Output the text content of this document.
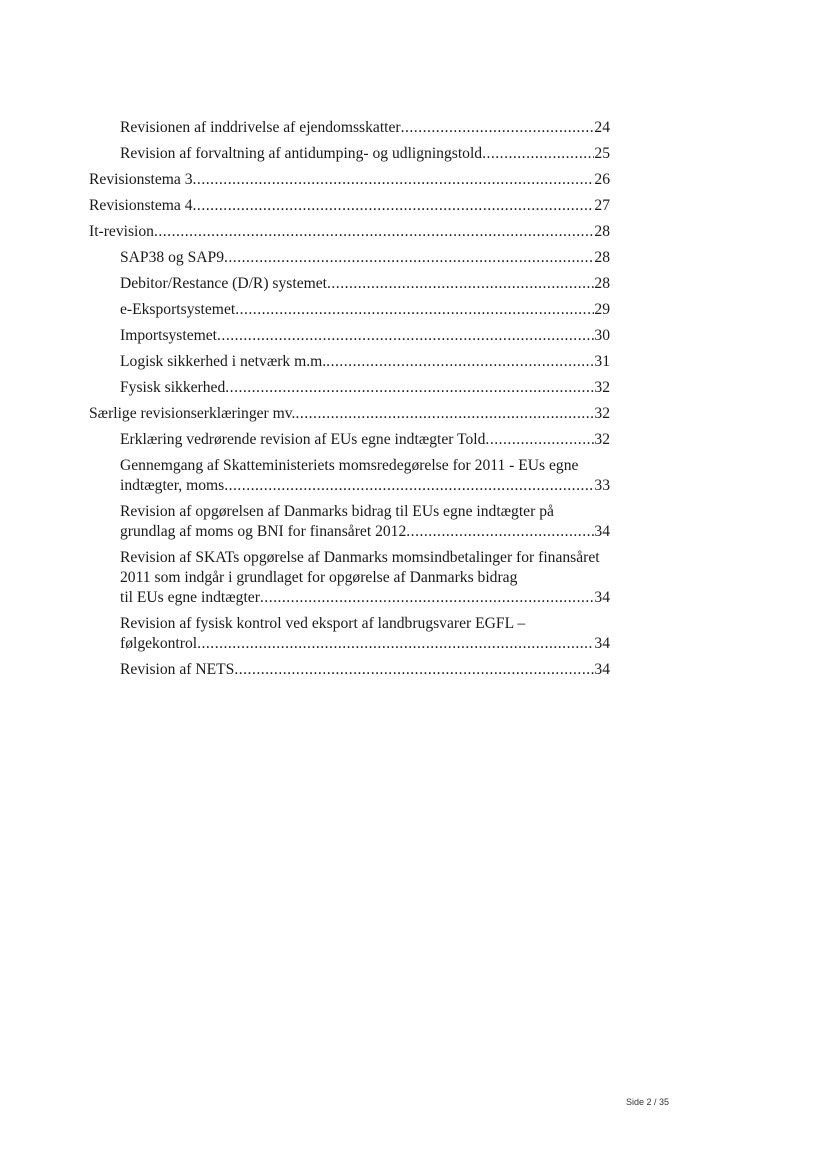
Revisionen af inddrivelse af ejendomsskatter .....	24
Revision af forvaltning af antidumping- og udligningstold .....	25
Revisionstema 3 .....	26
Revisionstema 4 .....	27
It-revision .....	28
SAP38 og SAP9 .....	28
Debitor/Restance (D/R) systemet .....	28
e-Eksportsystemet .....	29
Importsystemet .....	30
Logisk sikkerhed i netværk m.m. .....	31
Fysisk sikkerhed .....	32
Særlige revisionserklæringer mv. .....	32
Erklæring vedrørende revision af EUs egne indtægter Told .....	32
Gennemgang af Skatteministeriets momsredegørelse for 2011 - EUs egne
indtægter, moms .....	33
Revision af opgørelsen af Danmarks bidrag til EUs egne indtægter på
grundlag af moms og BNI for finansåret 2012 .....	34
Revision af SKATs opgørelse af Danmarks momsindbetalinger for finansåret 2011 som indgår i grundlaget for opgørelse af Danmarks bidrag
til EUs egne indtægter .....	34
Revision af fysisk kontrol ved eksport af landbrugsvarer EGFL –
følgekontrol .....	34
Revision af NETS .....	34
Side 2 / 35
